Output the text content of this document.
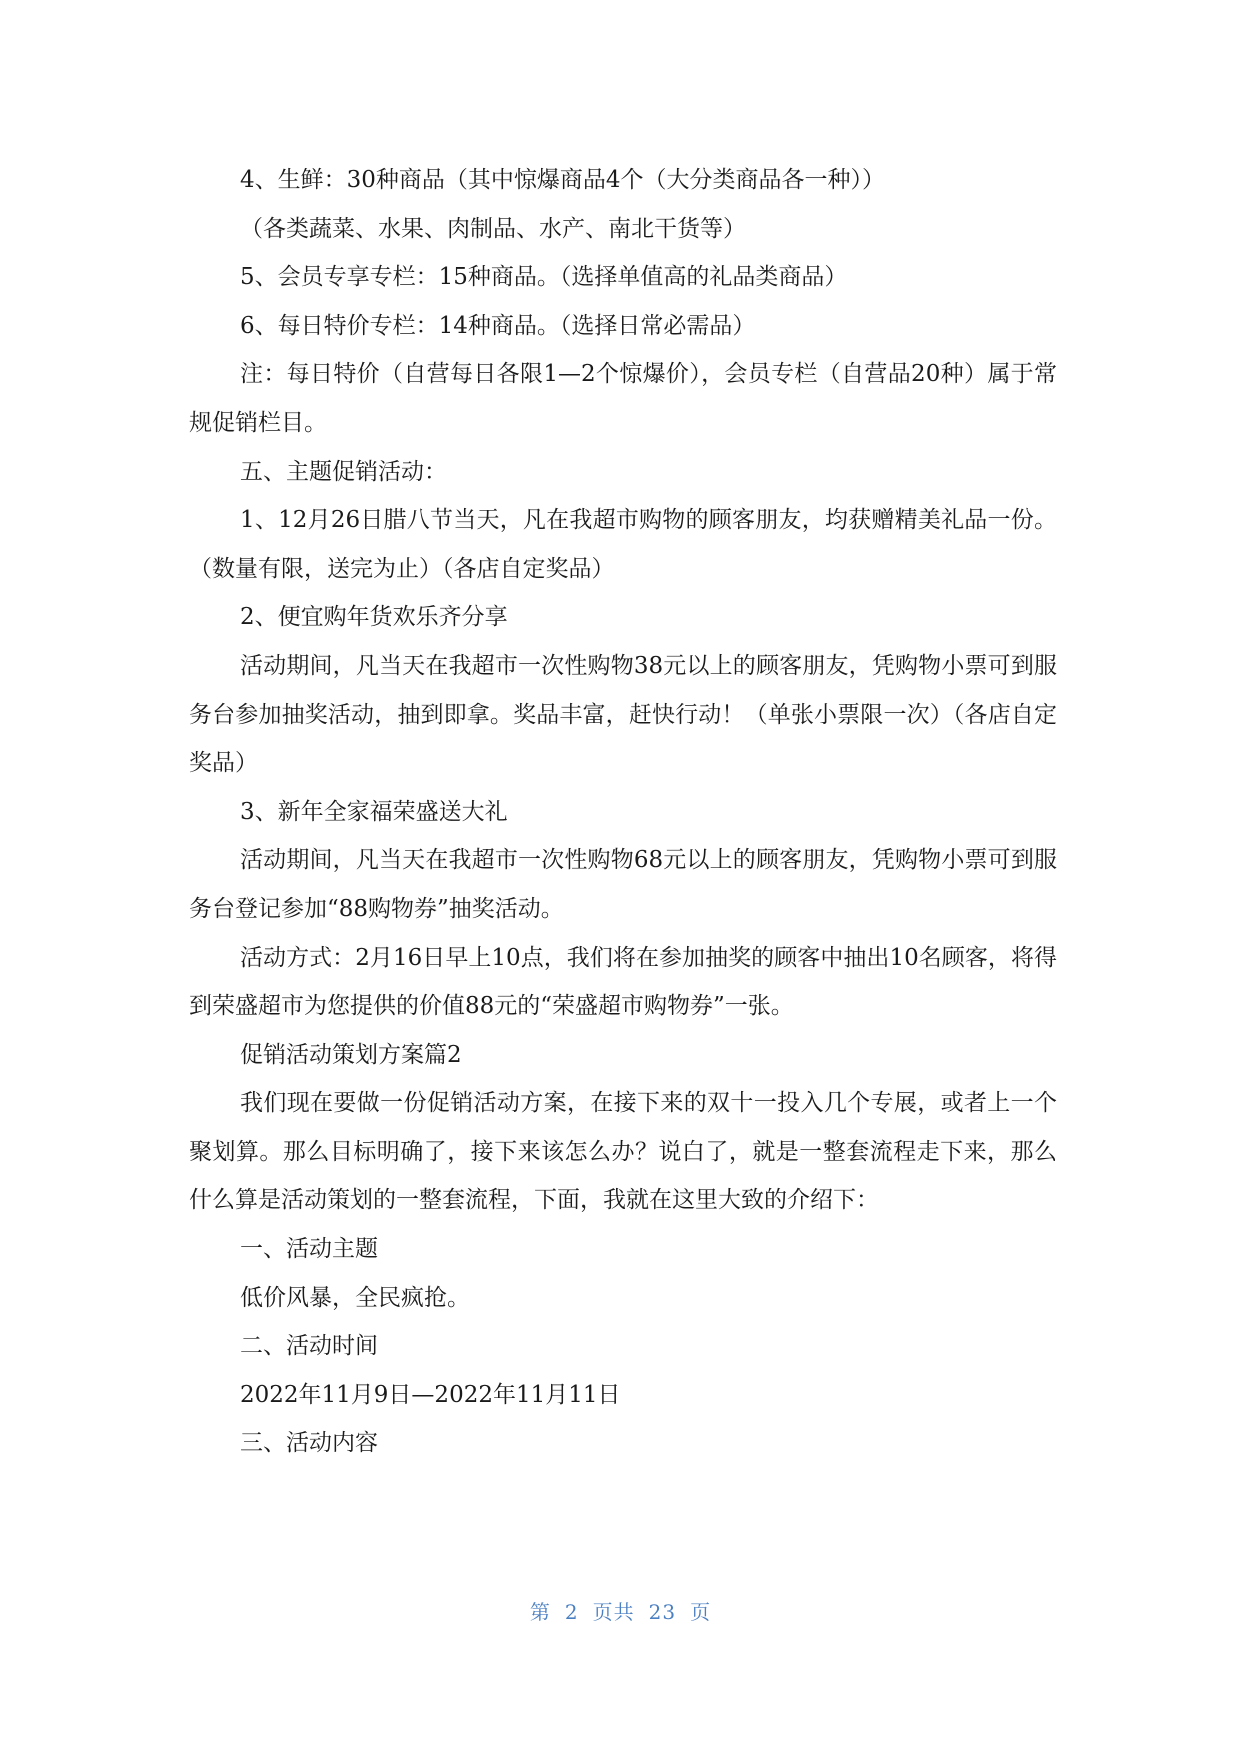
4、生鲜：30种商品（其中惊爆商品4个（大分类商品各一种））

（各类蔬菜、水果、肉制品、水产、南北干货等）

5、会员专享专栏：15种商品。（选择单值高的礼品类商品）

6、每日特价专栏：14种商品。（选择日常必需品）

注：每日特价（自营每日各限1—2个惊爆价），会员专栏（自营品20种）属于常规促销栏目。

五、主题促销活动：

1、12月26日腊八节当天，凡在我超市购物的顾客朋友，均获赠精美礼品一份。（数量有限，送完为止）（各店自定奖品）

2、便宜购年货欢乐齐分享

活动期间，凡当天在我超市一次性购物38元以上的顾客朋友，凭购物小票可到服务台参加抽奖活动，抽到即拿。奖品丰富，赶快行动！（单张小票限一次）（各店自定奖品）

3、新年全家福荣盛送大礼

活动期间，凡当天在我超市一次性购物68元以上的顾客朋友，凭购物小票可到服务台登记参加“88购物券”抽奖活动。

活动方式：2月16日早上10点，我们将在参加抽奖的顾客中抽出10名顾客，将得到荣盛超市为您提供的价值88元的“荣盛超市购物券”一张。

促销活动策划方案篇2

我们现在要做一份促销活动方案，在接下来的双十一投入几个专展，或者上一个聚划算。那么目标明确了，接下来该怎么办？说白了，就是一整套流程走下来，那么什么算是活动策划的一整套流程，下面，我就在这里大致的介绍下：

一、活动主题

低价风暴，全民疯抢。

二、活动时间

2022年11月9日—2022年11月11日

三、活动内容

第 2 页共 23 页
